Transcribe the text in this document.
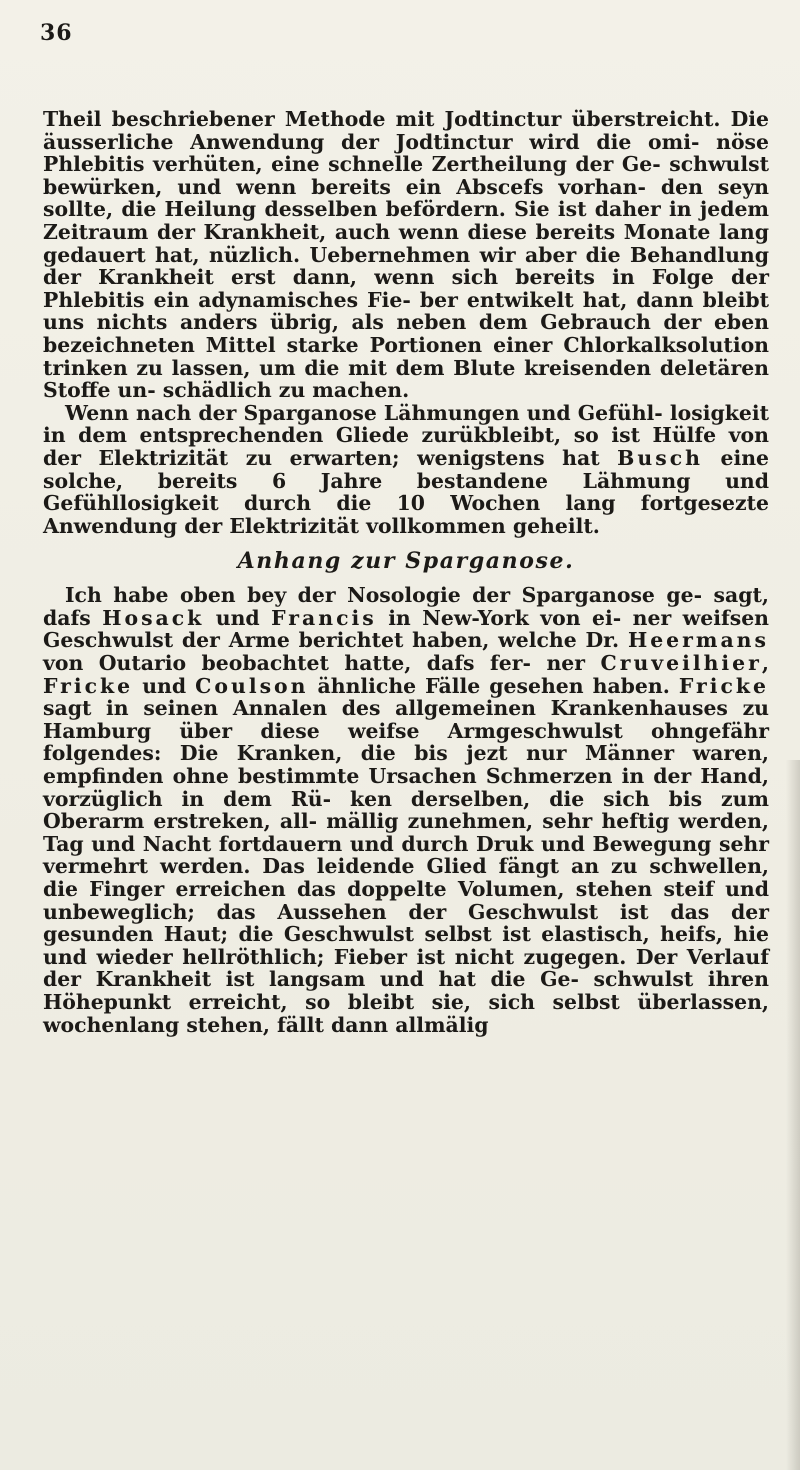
36

Theil beschriebener Methode mit Jodtinctur überstreicht. Die äusserliche Anwendung der Jodtinctur wird die omi- nöse Phlebitis verhüten, eine schnelle Zertheilung der Ge- schwulst bewürken, und wenn bereits ein Abscefs vorhan- den seyn sollte, die Heilung desselben befördern. Sie ist daher in jedem Zeitraum der Krankheit, auch wenn diese bereits Monate lang gedauert hat, nüzlich. Uebernehmen wir aber die Behandlung der Krankheit erst dann, wenn sich bereits in Folge der Phlebitis ein adynamisches Fie- ber entwikelt hat, dann bleibt uns nichts anders übrig, als neben dem Gebrauch der eben bezeichneten Mittel starke Portionen einer Chlorkalksolution trinken zu lassen, um die mit dem Blute kreisenden deletären Stoffe un- schädlich zu machen.

Wenn nach der Sparganose Lähmungen und Gefühl- losigkeit in dem entsprechenden Gliede zurükbleibt, so ist Hülfe von der Elektrizität zu erwarten; wenigstens hat Busch eine solche, bereits 6 Jahre bestandene Lähmung und Gefühllosigkeit durch die 10 Wochen lang fortgesezte Anwendung der Elektrizität vollkommen geheilt.

Anhang zur Sparganose.

Ich habe oben bey der Nosologie der Sparganose ge- sagt, dafs Hosack und Francis in New-York von ei- ner weifsen Geschwulst der Arme berichtet haben, welche Dr. Heermans von Outario beobachtet hatte, dafs fer- ner Cruveilhier, Fricke und Coulson ähnliche Fälle gesehen haben. Fricke sagt in seinen Annalen des allgemeinen Krankenhauses zu Hamburg über diese weifse Armgeschwulst ohngefähr folgendes: Die Kranken, die bis jezt nur Männer waren, empfinden ohne bestimmte Ursachen Schmerzen in der Hand, vorzüglich in dem Rü- ken derselben, die sich bis zum Oberarm erstreken, all- mällig zunehmen, sehr heftig werden, Tag und Nacht fortdauern und durch Druk und Bewegung sehr vermehrt werden. Das leidende Glied fängt an zu schwellen, die Finger erreichen das doppelte Volumen, stehen steif und unbeweglich; das Aussehen der Geschwulst ist das der gesunden Haut; die Geschwulst selbst ist elastisch, heifs, hie und wieder hellröthlich; Fieber ist nicht zugegen. Der Verlauf der Krankheit ist langsam und hat die Ge- schwulst ihren Höhepunkt erreicht, so bleibt sie, sich selbst überlassen, wochenlang stehen, fällt dann allmälig
